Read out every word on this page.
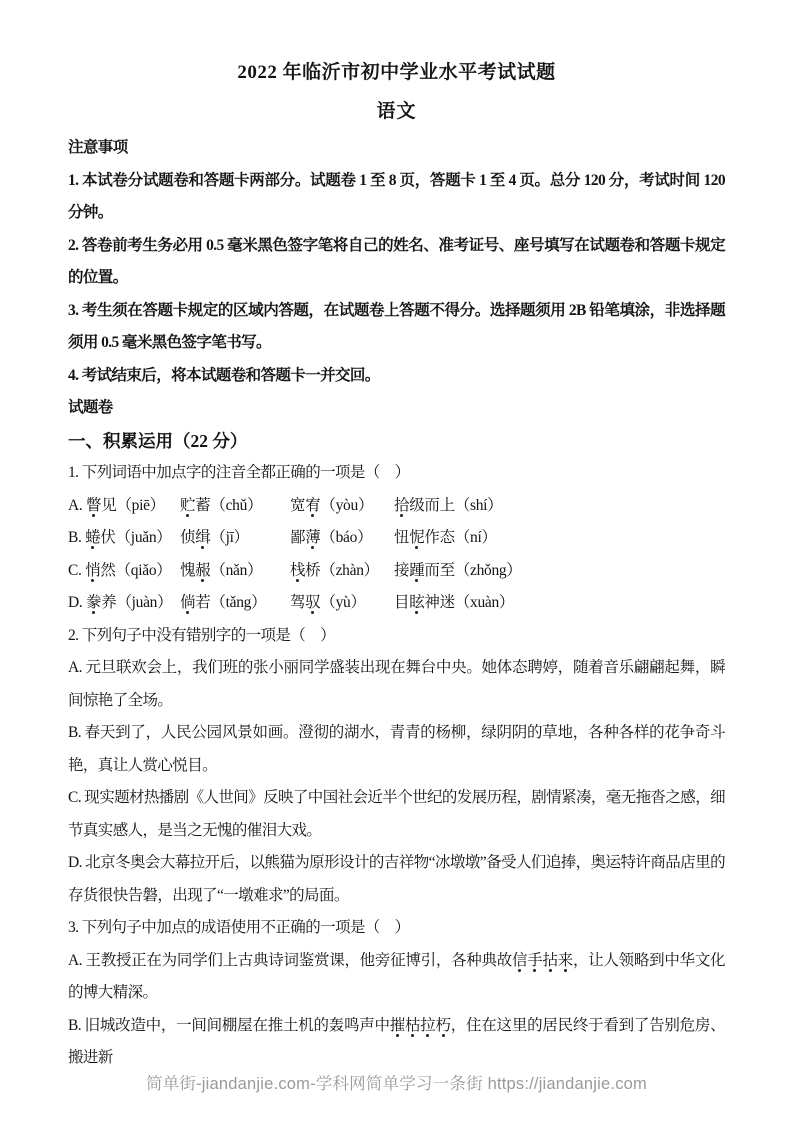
2022 年临沂市初中学业水平考试试题
语文

注意事项

1. 本试卷分试题卷和答题卡两部分。试题卷 1 至 8 页，答题卡 1 至 4 页。总分 120 分，考试时间 120 分钟。

2. 答卷前考生务必用 0.5 毫米黑色签字笔将自己的姓名、准考证号、座号填写在试题卷和答题卡规定的位置。

3. 考生须在答题卡规定的区域内答题，在试题卷上答题不得分。选择题须用 2B 铅笔填涂，非选择题须用 0.5 毫米黑色签字笔书写。

4. 考试结束后，将本试题卷和答题卡一并交回。

试题卷

一、积累运用（22 分）

1. 下列词语中加点字的注音全都正确的一项是（　）

A. 瞥见（piē） 贮蓄（chǔ）	宽宥（yòu）	拾级而上（shí）
B. 蜷伏（juǎn） 侦缉（jī）	鄙薄（báo）	忸怩作态（ní）
C. 悄然（qiǎo） 愧赧（nǎn）	栈桥（zhàn） 接踵而至（zhǒng）
D. 豢养（juàn） 倘若（tǎng）	驾驭（yù）	目眩神迷（xuàn）

2. 下列句子中没有错别字的一项是（　）

A. 元旦联欢会上，我们班的张小丽同学盛装出现在舞台中央。她体态聘婷，随着音乐翩翩起舞，瞬间惊艳了全场。

B. 春天到了，人民公园风景如画。澄彻的湖水，青青的杨柳，绿阴阴的草地，各种各样的花争奇斗艳，真让人赏心悦目。

C. 现实题材热播剧《人世间》反映了中国社会近半个世纪的发展历程，剧情紧凑，毫无拖沓之感，细节真实感人，是当之无愧的催泪大戏。

D. 北京冬奥会大幕拉开后，以熊猫为原形设计的吉祥物“冰墩墩”备受人们追捧，奥运特许商品店里的存货很快告磐，出现了“一墩难求”的局面。

3. 下列句子中加点的成语使用不正确的一项是（　）

A. 王教授正在为同学们上古典诗词鉴赏课，他旁征博引，各种典故信手拈来，让人领略到中华文化的博大精深。

B. 旧城改造中，一间间棚屋在推土机的轰鸣声中摧枯拉朽，住在这里的居民终于看到了告别危房、搬进新

简单街-jiandanjie.com-学科网简单学习一条街 https://jiandanjie.com
